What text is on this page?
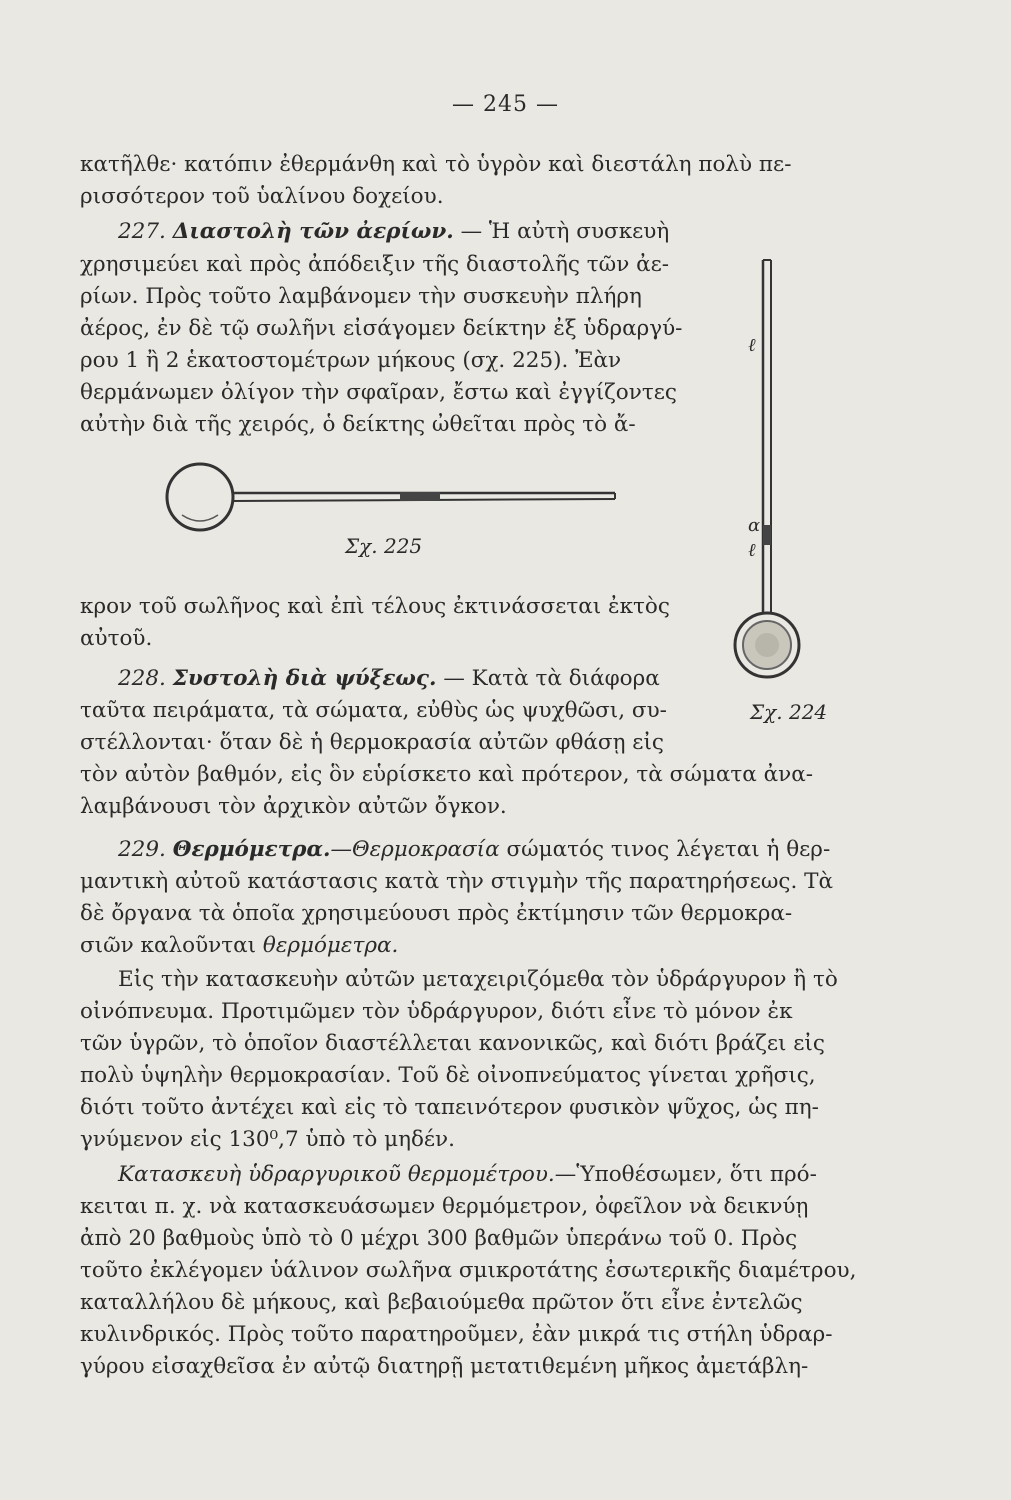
— 245 —
κατῆλθε· κατόπιν ἐθερμάνθη καὶ τὸ ὑγρὸν καὶ διεστάλη πολὺ πε-
ρισσότερον τοῦ ὑαλίνου δοχείου.
227. Διαστολὴ τῶν ἀερίων. — Ἡ αὐτὴ συσκευὴ
χρησιμεύει καὶ πρὸς ἀπόδειξιν τῆς διαστολῆς τῶν ἀε-
ρίων. Πρὸς τοῦτο λαμβάνομεν τὴν συσκευὴν πλήρη
ἀέρος, ἐν δὲ τῷ σωλῆνι εἰσάγομεν δείκτην ἐξ ὑδραργύ-
ρου 1 ἢ 2 ἑκατοστομέτρων μήκους (σχ. 225). Ἐὰν
θερμάνωμεν ὀλίγον τὴν σφαῖραν, ἔστω καὶ ἐγγίζοντες
αὐτὴν διὰ τῆς χειρός, ὁ δείκτης ὠθεῖται πρὸς τὸ ἄ-
Σχ. 225
ℓ
α
ℓ
Σχ. 224
κρον τοῦ σωλῆνος καὶ ἐπὶ τέλους ἐκτινάσσεται ἐκτὸς
αὐτοῦ.
228. Συστολὴ διὰ ψύξεως. — Κατὰ τὰ διάφορα
ταῦτα πειράματα, τὰ σώματα, εὐθὺς ὡς ψυχθῶσι, συ-
στέλλονται· ὅταν δὲ ἡ θερμοκρασία αὐτῶν φθάσῃ εἰς
τὸν αὐτὸν βαθμόν, εἰς ὃν εὑρίσκετο καὶ πρότερον, τὰ σώματα ἀνα-
λαμβάνουσι τὸν ἀρχικὸν αὐτῶν ὄγκον.
229. Θερμόμετρα.—Θερμοκρασία σώματός τινος λέγεται ἡ θερ-
μαντικὴ αὐτοῦ κατάστασις κατὰ τὴν στιγμὴν τῆς παρατηρήσεως. Τὰ
δὲ ὄργανα τὰ ὁποῖα χρησιμεύουσι πρὸς ἐκτίμησιν τῶν θερμοκρα-
σιῶν καλοῦνται θερμόμετρα.
Εἰς τὴν κατασκευὴν αὐτῶν μεταχειριζόμεθα τὸν ὑδράργυρον ἢ τὸ
οἰνόπνευμα. Προτιμῶμεν τὸν ὑδράργυρον, διότι εἶνε τὸ μόνον ἐκ
τῶν ὑγρῶν, τὸ ὁποῖον διαστέλλεται κανονικῶς, καὶ διότι βράζει εἰς
πολὺ ὑψηλὴν θερμοκρασίαν. Τοῦ δὲ οἰνοπνεύματος γίνεται χρῆσις,
διότι τοῦτο ἀντέχει καὶ εἰς τὸ ταπεινότερον φυσικὸν ψῦχος, ὡς πη-
γνύμενον εἰς 130⁰,7 ὑπὸ τὸ μηδέν.
Κατασκευὴ ὑδραργυρικοῦ θερμομέτρου.—Ὑποθέσωμεν, ὅτι πρό-
κειται π. χ. νὰ κατασκευάσωμεν θερμόμετρον, ὀφεῖλον νὰ δεικνύῃ
ἀπὸ 20 βαθμοὺς ὑπὸ τὸ 0 μέχρι 300 βαθμῶν ὑπεράνω τοῦ 0. Πρὸς
τοῦτο ἐκλέγομεν ὑάλινον σωλῆνα σμικροτάτης ἐσωτερικῆς διαμέτρου,
καταλλήλου δὲ μήκους, καὶ βεβαιούμεθα πρῶτον ὅτι εἶνε ἐντελῶς
κυλινδρικός. Πρὸς τοῦτο παρατηροῦμεν, ἐὰν μικρά τις στήλη ὑδραρ-
γύρου εἰσαχθεῖσα ἐν αὐτῷ διατηρῇ μετατιθεμένη μῆκος ἀμετάβλη-
